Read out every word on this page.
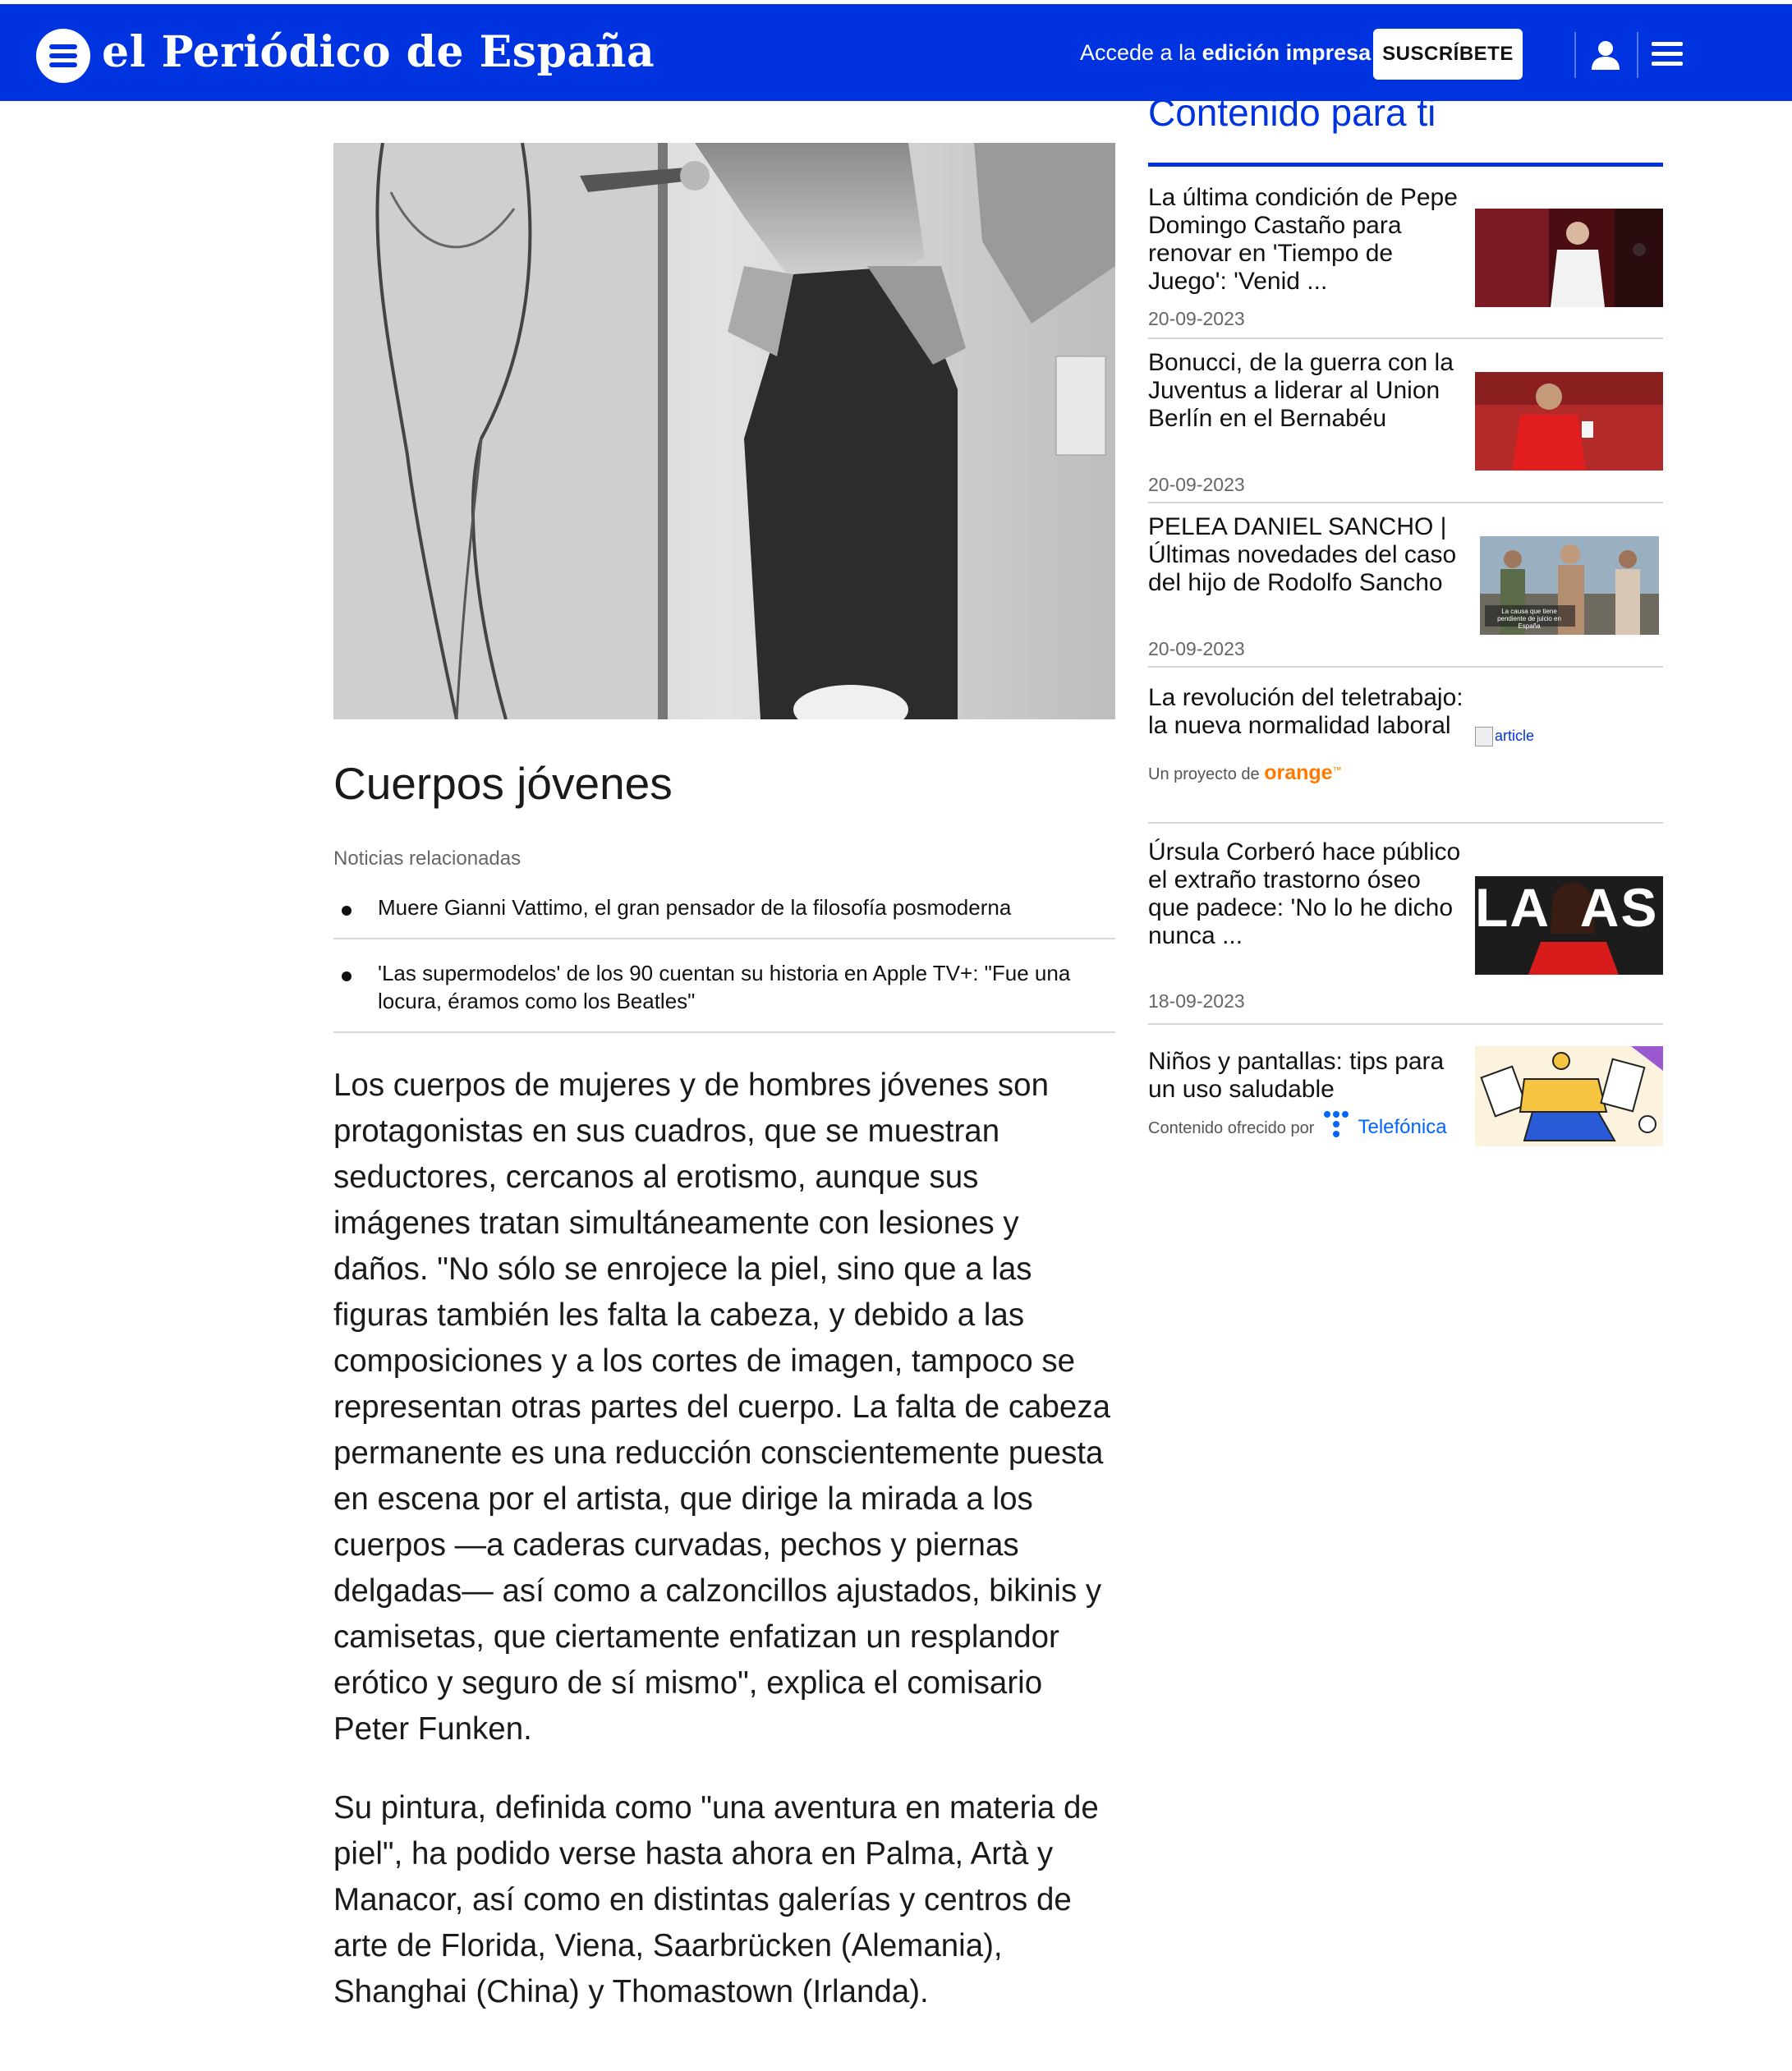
el Periódico de España	Accede a la edición impresa SUSCRÍBETE
Cuerpos jóvenes
Noticias relacionadas
Muere Gianni Vattimo, el gran pensador de la filosofía posmoderna
'Las supermodelos' de los 90 cuentan su historia en Apple TV+: "Fue una locura, éramos como los Beatles"

Los cuerpos de mujeres y de hombres jóvenes son protagonistas en sus cuadros, que se muestran seductores, cercanos al erotismo, aunque sus imágenes tratan simultáneamente con lesiones y daños. "No sólo se enrojece la piel, sino que a las figuras también les falta la cabeza, y debido a las composiciones y a los cortes de imagen, tampoco se representan otras partes del cuerpo. La falta de cabeza permanente es una reducción conscientemente puesta en escena por el artista, que dirige la mirada a los cuerpos —a caderas curvadas, pechos y piernas delgadas— así como a calzoncillos ajustados, bikinis y camisetas, que ciertamente enfatizan un resplandor erótico y seguro de sí mismo", explica el comisario Peter Funken.

Su pintura, definida como "una aventura en materia de piel", ha podido verse hasta ahora en Palma, Artà y Manacor, así como en distintas galerías y centros de arte de Florida, Viena, Saarbrücken (Alemania), Shanghai (China) y Thomastown (Irlanda).

Contenido para ti
La última condición de Pepe Domingo Castaño para renovar en 'Tiempo de Juego': 'Venid ...
20-09-2023
Bonucci, de la guerra con la Juventus a liderar al Union Berlín en el Bernabéu
20-09-2023
PELEA DANIEL SANCHO | Últimas novedades del caso del hijo de Rodolfo Sancho
20-09-2023
La causa que tiene pendiente de juicio en España
La revolución del teletrabajo: la nueva normalidad laboral
Un proyecto de orange™
article
Úrsula Corberó hace público el extraño trastorno óseo que padece: 'No lo he dicho nunca ...
18-09-2023
LA  AS
Niños y pantallas: tips para un uso saludable
Contenido ofrecido por Telefónica
